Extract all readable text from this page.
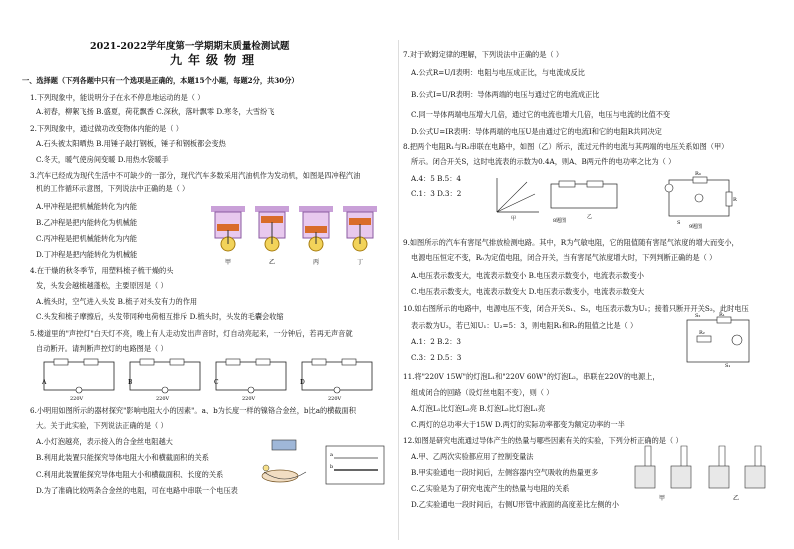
2021-2022学年度第一学期期末质量检测试题
九年级物理
一、选择题（下列各题中只有一个选项是正确的，本题15个小题，每题2分，共30分）
1.下列现象中，能说明分子在永不停息地运动的是（ ）
A.初春，柳絮飞扬 B.盛夏，荷花飘香 C.深秋，落叶飘零 D.寒冬，大雪纷飞
2.下列现象中，通过做功改变物体内能的是（ ）
A.石头被太阳晒热 B.用锤子敲打钢板，锤子和钢板都会变热
C.冬天，暖气使房间变暖 D.用热水袋暖手
3.汽车已经成为现代生活中不可缺少的一部分，现代汽车多数采用汽油机作为发动机，如图是四冲程汽油
机的工作循环示意图，下列说法中正确的是（ ）
A.甲冲程是把机械能转化为内能
B.乙冲程是把内能转化为机械能
C.丙冲程是把机械能转化为内能
D.丁冲程是把内能转化为机械能
4.在干燥的秋冬季节，用塑料梳子梳干燥的头
发，头发会越梳越蓬松，主要原因是（ ）
A.梳头时，空气进入头发 B.梳子对头发有力的作用
C.头发和梳子摩擦后，头发带同种电荷相互排斥 D.梳头时，头发的毛囊会收缩
5.楼道里的"声控灯"白天灯不亮，晚上有人走动发出声音时，灯自动亮起来，一分钟后，若再无声音就
自动断开。请判断声控灯的电路图是（ ）
6.小明用如图所示的器材探究"影响电阻大小的因素"。a、b为长度一样的镍铬合金丝，b比a的横截面积
大。关于此实验，下列说法正确的是（ ）
A.小灯泡越亮，表示接入的合金丝电阻越大
B.利用此装置只能探究导体电阻大小和横截面积的关系
C.利用此装置能探究导体电阻大小和横截面积、长度的关系
D.为了准确比较两条合金丝的电阻，可在电路中串联一个电压表
甲	乙	丙	丁
220V
A
220V
B
220V
C
220V
D
a
b
7.对于欧姆定律的理解，下列说法中正确的是（ ）
A.公式R=U/I表明：电阻与电压成正比，与电流成反比
B.公式I=U/R表明：导体两端的电压与通过它的电流成正比
C.同一导体两端电压增大几倍，通过它的电流也增大几倍，电压与电流的比值不变
D.公式U=IR表明：导体两端的电压U是由通过它的电流I和它的电阻R共同决定
8.把两个电阻R₁与R₂串联在电路中，如图（乙）所示，流过元件的电流与其两端的电压关系如图（甲）
所示。闭合开关S，这时电流表的示数为0.4A，则A、B两元件的电功率之比为（ ）
A.4：5 B.5：4
C.1：3 D.3：2
甲	乙
8题图
R₀
R
S
9题图
9.如图所示的汽车有害尾气排放检测电路。其中，R为气敏电阻，它的阻值随有害尾气浓度的增大而变小，
电源电压恒定不变，R₀为定值电阻，闭合开关，当有害尾气浓度增大时，下列判断正确的是（ ）
A.电压表示数变大，电流表示数变小 B.电压表示数变小，电流表示数变小
C.电压表示数变大，电流表示数变大 D.电压表示数变小，电流表示数变大
10.如右图所示的电路中，电源电压不变，闭合开关S₁、S₂，电压表示数为U₁；接着只断开开关S₂，此时电压
表示数为U₂，若已知U₁：U₂=5：3，则电阻R₁和R₂的阻值之比是（ ）
A.1：2 B.2：3
C.3：2 D.5：3
R₁
S₂
R₂
S₁
11.将"220V 15W"的灯泡L₁和"220V 60W"的灯泡L₂，串联在220V的电源上，
组成闭合的回路（设灯丝电阻不变），则（ ）
A.灯泡L₁比灯泡L₂亮 B.灯泡L₂比灯泡L₁亮
C.两灯的总功率大于15W D.两灯的实际功率都变为额定功率的一半
12.如图是研究电流通过导体产生的热量与哪些因素有关的实验，下列分析正确的是（ ）
A.甲、乙两次实验都应用了控制变量法
B.甲实验通电一段时间后，左侧容器内空气吸收的热量更多
C.乙实验是为了研究电流产生的热量与电阻的关系
D.乙实验通电一段时间后，右侧U形管中液面的高度差比左侧的小
甲	乙
